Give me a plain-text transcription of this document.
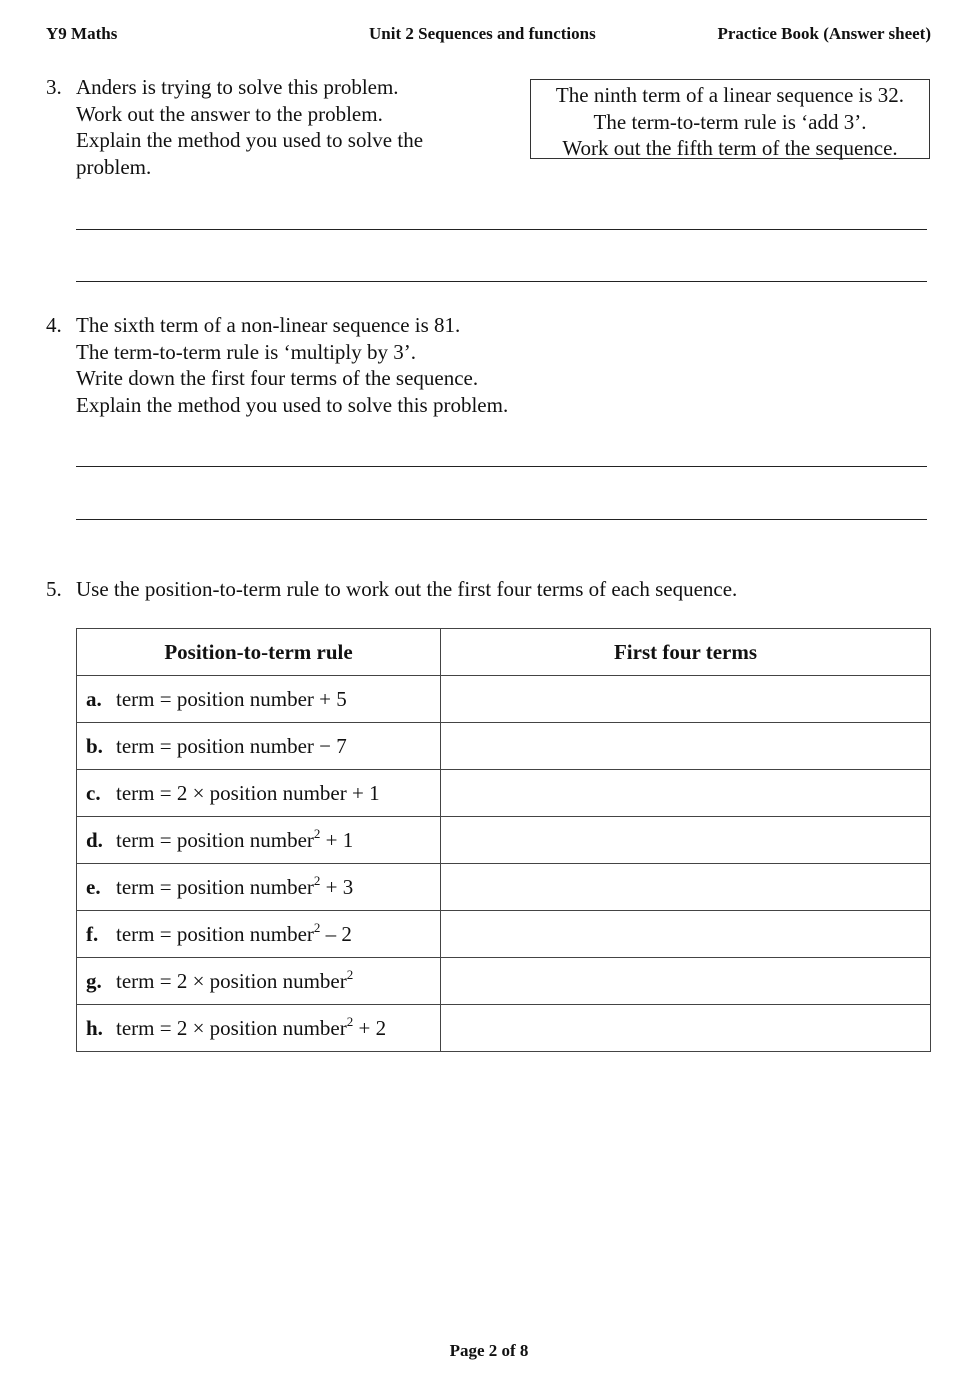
Y9 Maths	Unit 2 Sequences and functions	Practice Book (Answer sheet)
3. Anders is trying to solve this problem.
Work out the answer to the problem.
Explain the method you used to solve the
problem.
The ninth term of a linear sequence is 32.
The term-to-term rule is ‘add 3’.
Work out the fifth term of the sequence.
4. The sixth term of a non-linear sequence is 81.
The term-to-term rule is ‘multiply by 3’.
Write down the first four terms of the sequence.
Explain the method you used to solve this problem.
5. Use the position-to-term rule to work out the first four terms of each sequence.
Position-to-term rule	First four terms
a. term = position number + 5	
b. term = position number − 7	
c. term = 2 × position number + 1	
d. term = position number$^2$ + 1	
e. term = position number$^2$ + 3	
f. term = position number$^2$ – 2	
g. term = 2 × position number$^2$	
h. term = 2 × position number$^2$ + 2	
Page 2 of 8
